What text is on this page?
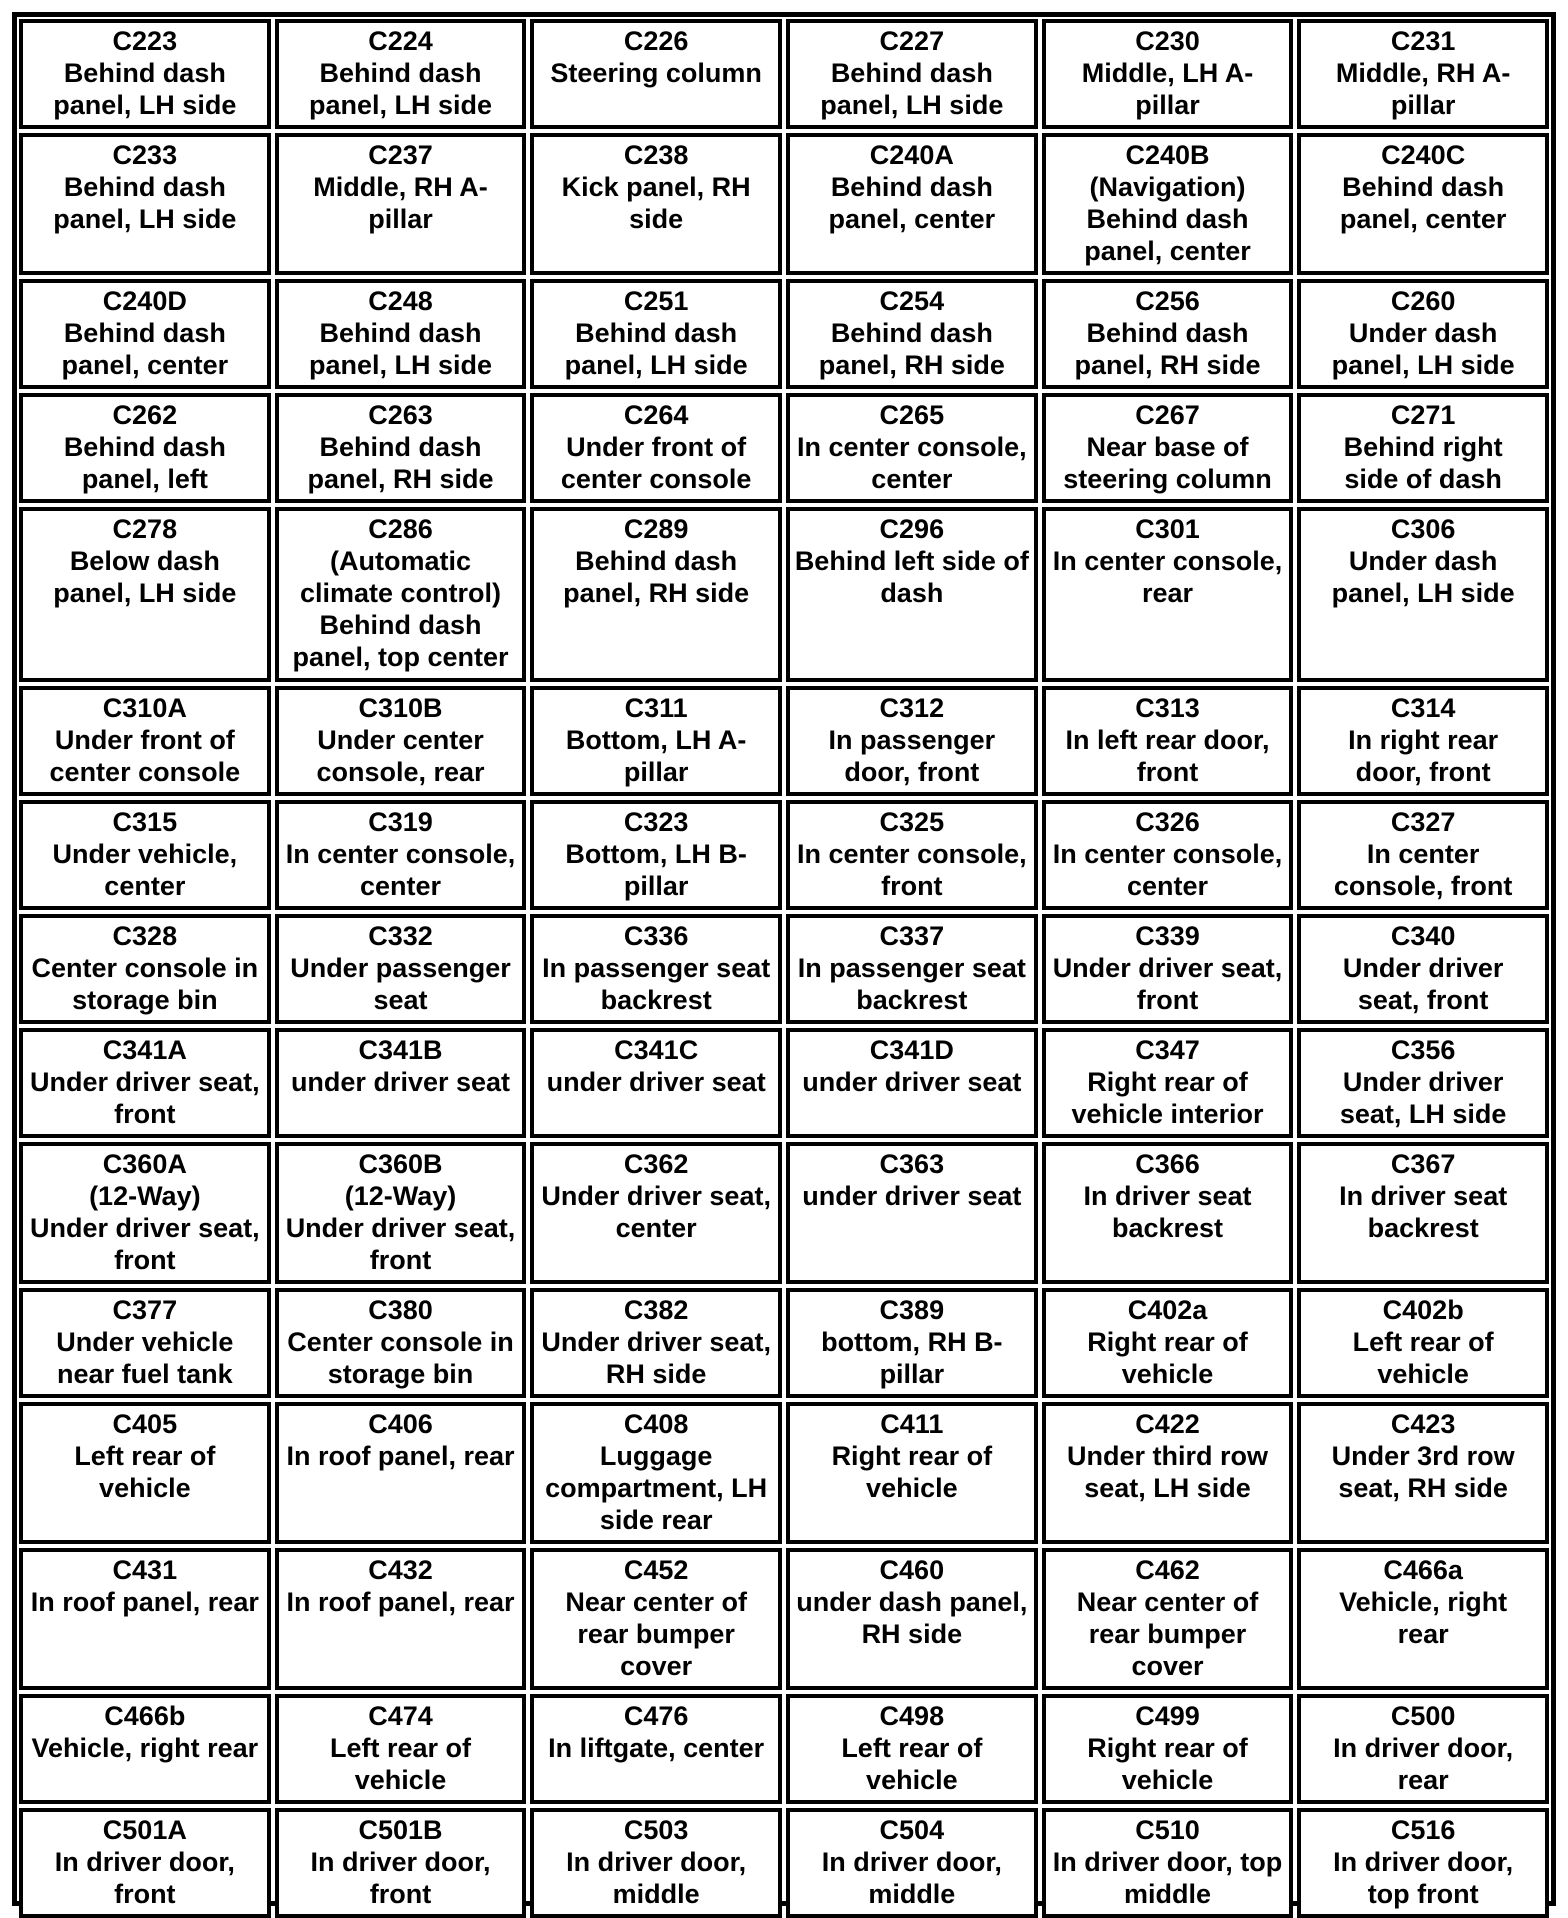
C223
Behind dash
panel, LH side
C224
Behind dash
panel, LH side
C226
Steering column
C227
Behind dash
panel, LH side
C230
Middle, LH A-
pillar
C231
Middle, RH A-
pillar
C233
Behind dash
panel, LH side
C237
Middle, RH A-
pillar
C238
Kick panel, RH
side
C240A
Behind dash
panel, center
C240B
(Navigation)
Behind dash
panel, center
C240C
Behind dash
panel, center
C240D
Behind dash
panel, center
C248
Behind dash
panel, LH side
C251
Behind dash
panel, LH side
C254
Behind dash
panel, RH side
C256
Behind dash
panel, RH side
C260
Under dash
panel, LH side
C262
Behind dash
panel, left
C263
Behind dash
panel, RH side
C264
Under front of
center console
C265
In center console,
center
C267
Near base of
steering column
C271
Behind right
side of dash
C278
Below dash
panel, LH side
C286
(Automatic
climate control)
Behind dash
panel, top center
C289
Behind dash
panel, RH side
C296
Behind left side of
dash
C301
In center console,
rear
C306
Under dash
panel, LH side
C310A
Under front of
center console
C310B
Under center
console, rear
C311
Bottom, LH A-
pillar
C312
In passenger
door, front
C313
In left rear door,
front
C314
In right rear
door, front
C315
Under vehicle,
center
C319
In center console,
center
C323
Bottom, LH B-
pillar
C325
In center console,
front
C326
In center console,
center
C327
In center
console, front
C328
Center console in
storage bin
C332
Under passenger
seat
C336
In passenger seat
backrest
C337
In passenger seat
backrest
C339
Under driver seat,
front
C340
Under driver
seat, front
C341A
Under driver seat,
front
C341B
under driver seat
C341C
under driver seat
C341D
under driver seat
C347
Right rear of
vehicle interior
C356
Under driver
seat, LH side
C360A
(12-Way)
Under driver seat,
front
C360B
(12-Way)
Under driver seat,
front
C362
Under driver seat,
center
C363
under driver seat
C366
In driver seat
backrest
C367
In driver seat
backrest
C377
Under vehicle
near fuel tank
C380
Center console in
storage bin
C382
Under driver seat,
RH side
C389
bottom, RH B-
pillar
C402a
Right rear of
vehicle
C402b
Left rear of
vehicle
C405
Left rear of
vehicle
C406
In roof panel, rear
C408
Luggage
compartment, LH
side rear
C411
Right rear of
vehicle
C422
Under third row
seat, LH side
C423
Under 3rd row
seat, RH side
C431
In roof panel, rear
C432
In roof panel, rear
C452
Near center of
rear bumper
cover
C460
under dash panel,
RH side
C462
Near center of
rear bumper
cover
C466a
Vehicle, right
rear
C466b
Vehicle, right rear
C474
Left rear of
vehicle
C476
In liftgate, center
C498
Left rear of
vehicle
C499
Right rear of
vehicle
C500
In driver door,
rear
C501A
In driver door,
front
C501B
In driver door,
front
C503
In driver door,
middle
C504
In driver door,
middle
C510
In driver door, top
middle
C516
In driver door,
top front
